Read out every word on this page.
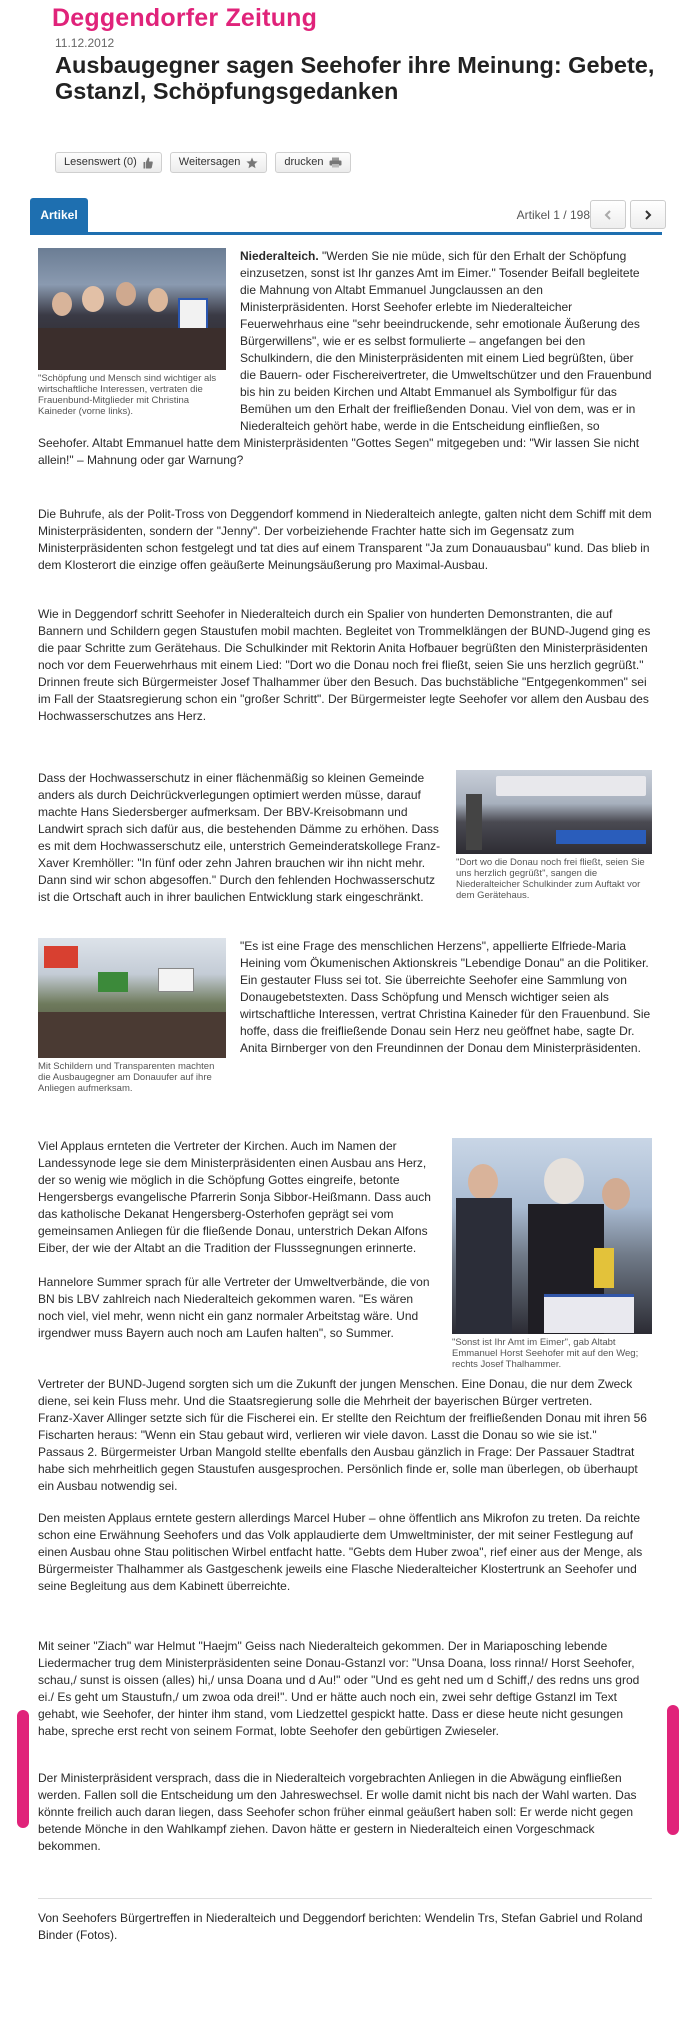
Deggendorfer Zeitung
11.12.2012
Ausbaugegner sagen Seehofer ihre Meinung: Gebete, Gstanzl, Schöpfungsgedanken
Lesenswert (0)	Weitersagen	drucken
Artikel	Artikel 1 / 198
"Schöpfung und Mensch sind wichtiger als wirtschaftliche Interessen, vertraten die Frauenbund-Mitglieder mit Christina Kaineder (vorne links).

Niederalteich. "Werden Sie nie müde, sich für den Erhalt der Schöpfung einzusetzen, sonst ist Ihr ganzes Amt im Eimer." Tosender Beifall begleitete die Mahnung von Altabt Emmanuel Jungclaussen an den Ministerpräsidenten. Horst Seehofer erlebte im Niederalteicher Feuerwehrhaus eine "sehr beeindruckende, sehr emotionale Äußerung des Bürgerwillens", wie er es selbst formulierte – angefangen bei den Schulkindern, die den Ministerpräsidenten mit einem Lied begrüßten, über die Bauern- oder Fischereivertreter, die Umweltschützer und den Frauenbund bis hin zu beiden Kirchen und Altabt Emmanuel als Symbolfigur für das Bemühen um den Erhalt der freifließenden Donau. Viel von dem, was er in Niederalteich gehört habe, werde in die Entscheidung einfließen, so Seehofer. Altabt Emmanuel hatte dem Ministerpräsidenten "Gottes Segen" mitgegeben und: "Wir lassen Sie nicht allein!" – Mahnung oder gar Warnung?

Die Buhrufe, als der Polit-Tross von Deggendorf kommend in Niederalteich anlegte, galten nicht dem Schiff mit dem Ministerpräsidenten, sondern der "Jenny". Der vorbeiziehende Frachter hatte sich im Gegensatz zum Ministerpräsidenten schon festgelegt und tat dies auf einem Transparent "Ja zum Donauausbau" kund. Das blieb in dem Klosterort die einzige offen geäußerte Meinungsäußerung pro Maximal-Ausbau.

Wie in Deggendorf schritt Seehofer in Niederalteich durch ein Spalier von hunderten Demonstranten, die auf Bannern und Schildern gegen Staustufen mobil machten. Begleitet von Trommelklängen der BUND-Jugend ging es die paar Schritte zum Gerätehaus. Die Schulkinder mit Rektorin Anita Hofbauer begrüßten den Ministerpräsidenten noch vor dem Feuerwehrhaus mit einem Lied: "Dort wo die Donau noch frei fließt, seien Sie uns herzlich gegrüßt." Drinnen freute sich Bürgermeister Josef Thalhammer über den Besuch. Das buchstäbliche "Entgegenkommen" sei im Fall der Staatsregierung schon ein "großer Schritt". Der Bürgermeister legte Seehofer vor allem den Ausbau des Hochwasserschutzes ans Herz.

"Dort wo die Donau noch frei fließt, seien Sie uns herzlich gegrüßt", sangen die Niederalteicher Schulkinder zum Auftakt vor dem Gerätehaus.

Dass der Hochwasserschutz in einer flächenmäßig so kleinen Gemeinde anders als durch Deichrückverlegungen optimiert werden müsse, darauf machte Hans Siedersberger aufmerksam. Der BBV-Kreisobmann und Landwirt sprach sich dafür aus, die bestehenden Dämme zu erhöhen. Dass es mit dem Hochwasserschutz eile, unterstrich Gemeinderatskollege Franz-Xaver Kremhöller: "In fünf oder zehn Jahren brauchen wir ihn nicht mehr. Dann sind wir schon abgesoffen." Durch den fehlenden Hochwasserschutz ist die Ortschaft auch in ihrer baulichen Entwicklung stark eingeschränkt.

Mit Schildern und Transparenten machten die Ausbaugegner am Donauufer auf ihre Anliegen aufmerksam.

"Es ist eine Frage des menschlichen Herzens", appellierte Elfriede-Maria Heining vom Ökumenischen Aktionskreis "Lebendige Donau" an die Politiker. Ein gestauter Fluss sei tot. Sie überreichte Seehofer eine Sammlung von Donaugebetstexten. Dass Schöpfung und Mensch wichtiger seien als wirtschaftliche Interessen, vertrat Christina Kaineder für den Frauenbund. Sie hoffe, dass die freifließende Donau sein Herz neu geöffnet habe, sagte Dr. Anita Birnberger von den Freundinnen der Donau dem Ministerpräsidenten.

"Sonst ist Ihr Amt im Eimer", gab Altabt Emmanuel Horst Seehofer mit auf den Weg; rechts Josef Thalhammer.

Viel Applaus ernteten die Vertreter der Kirchen. Auch im Namen der Landessynode lege sie dem Ministerpräsidenten einen Ausbau ans Herz, der so wenig wie möglich in die Schöpfung Gottes eingreife, betonte Hengersbergs evangelische Pfarrerin Sonja Sibbor-Heißmann. Dass auch das katholische Dekanat Hengersberg-Osterhofen geprägt sei vom gemeinsamen Anliegen für die fließende Donau, unterstrich Dekan Alfons Eiber, der wie der Altabt an die Tradition der Flusssegnungen erinnerte.

Hannelore Summer sprach für alle Vertreter der Umweltverbände, die von BN bis LBV zahlreich nach Niederalteich gekommen waren. "Es wären noch viel, viel mehr, wenn nicht ein ganz normaler Arbeitstag wäre. Und irgendwer muss Bayern auch noch am Laufen halten", so Summer.

Vertreter der BUND-Jugend sorgten sich um die Zukunft der jungen Menschen. Eine Donau, die nur dem Zweck diene, sei kein Fluss mehr. Und die Staatsregierung solle die Mehrheit der bayerischen Bürger vertreten.

Franz-Xaver Allinger setzte sich für die Fischerei ein. Er stellte den Reichtum der freifließenden Donau mit ihren 56 Fischarten heraus: "Wenn ein Stau gebaut wird, verlieren wir viele davon. Lasst die Donau so wie sie ist."

Passaus 2. Bürgermeister Urban Mangold stellte ebenfalls den Ausbau gänzlich in Frage: Der Passauer Stadtrat habe sich mehrheitlich gegen Staustufen ausgesprochen. Persönlich finde er, solle man überlegen, ob überhaupt ein Ausbau notwendig sei.

Den meisten Applaus erntete gestern allerdings Marcel Huber – ohne öffentlich ans Mikrofon zu treten. Da reichte schon eine Erwähnung Seehofers und das Volk applaudierte dem Umweltminister, der mit seiner Festlegung auf einen Ausbau ohne Stau politischen Wirbel entfacht hatte. "Gebts dem Huber zwoa", rief einer aus der Menge, als Bürgermeister Thalhammer als Gastgeschenk jeweils eine Flasche Niederalteicher Klostertrunk an Seehofer und seine Begleitung aus dem Kabinett überreichte.

Mit seiner "Ziach" war Helmut "Haejm" Geiss nach Niederalteich gekommen. Der in Mariaposching lebende Liedermacher trug dem Ministerpräsidenten seine Donau-Gstanzl vor: "Unsa Doana, loss rinna!/ Horst Seehofer, schau,/ sunst is oissen (alles) hi,/ unsa Doana und d Au!" oder "Und es geht ned um d Schiff,/ des redns uns grod ei./ Es geht um Staustufn,/ um zwoa oda drei!". Und er hätte auch noch ein, zwei sehr deftige Gstanzl im Text gehabt, wie Seehofer, der hinter ihm stand, vom Liedzettel gespickt hatte. Dass er diese heute nicht gesungen habe, spreche erst recht von seinem Format, lobte Seehofer den gebürtigen Zwieseler.

Der Ministerpräsident versprach, dass die in Niederalteich vorgebrachten Anliegen in die Abwägung einfließen werden. Fallen soll die Entscheidung um den Jahreswechsel. Er wolle damit nicht bis nach der Wahl warten. Das könnte freilich auch daran liegen, dass Seehofer schon früher einmal geäußert haben soll: Er werde nicht gegen betende Mönche in den Wahlkampf ziehen. Davon hätte er gestern in Niederalteich einen Vorgeschmack bekommen.

Von Seehofers Bürgertreffen in Niederalteich und Deggendorf berichten: Wendelin Trs, Stefan Gabriel und Roland Binder (Fotos).
